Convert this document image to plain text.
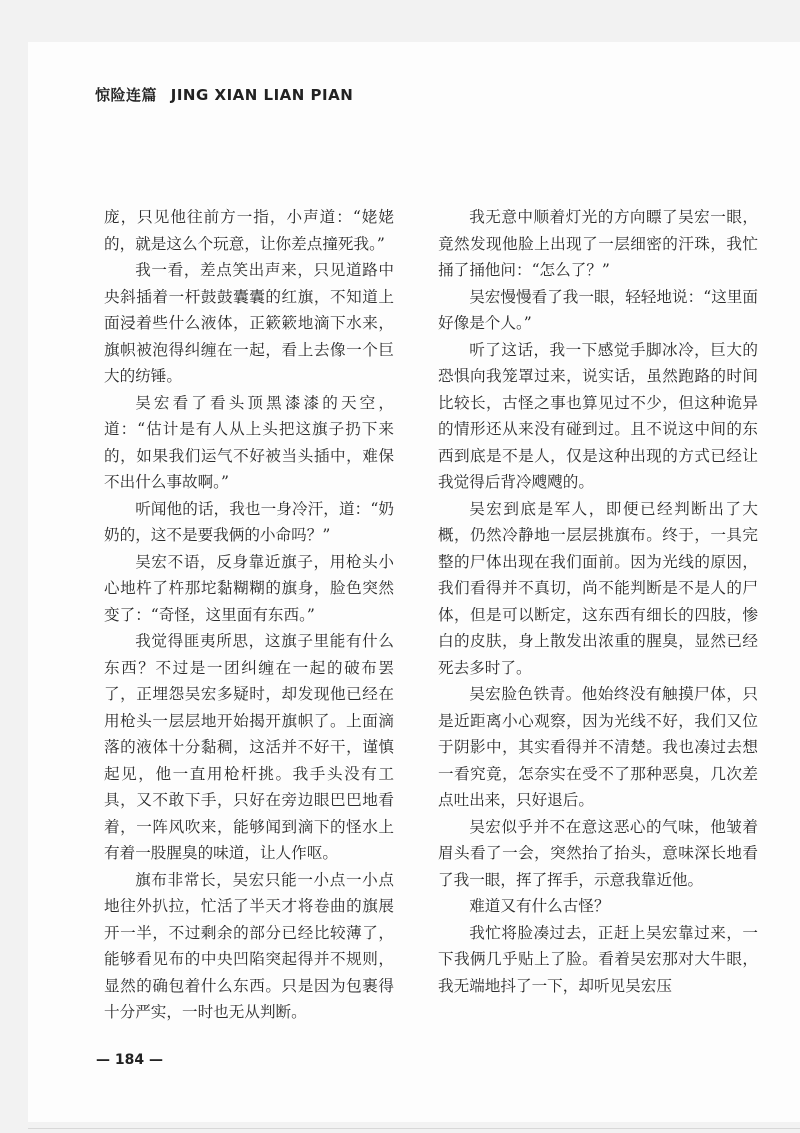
惊险连篇 JING XIAN LIAN PIAN

庞，只见他往前方一指，小声道：“姥姥的，就是这么个玩意，让你差点撞死我。”

我一看，差点笑出声来，只见道路中央斜插着一杆鼓鼓囊囊的红旗，不知道上面浸着些什么液体，正簌簌地滴下水来，旗帜被泡得纠缠在一起，看上去像一个巨大的纺锤。

吴宏看了看头顶黑漆漆的天空，道：“估计是有人从上头把这旗子扔下来的，如果我们运气不好被当头插中，难保不出什么事故啊。”

听闻他的话，我也一身冷汗，道：“奶奶的，这不是要我俩的小命吗？”

吴宏不语，反身靠近旗子，用枪头小心地杵了杵那坨黏糊糊的旗身，脸色突然变了：“奇怪，这里面有东西。”

我觉得匪夷所思，这旗子里能有什么东西？不过是一团纠缠在一起的破布罢了，正埋怨吴宏多疑时，却发现他已经在用枪头一层层地开始揭开旗帜了。上面滴落的液体十分黏稠，这活并不好干，谨慎起见，他一直用枪杆挑。我手头没有工具，又不敢下手，只好在旁边眼巴巴地看着，一阵风吹来，能够闻到滴下的怪水上有着一股腥臭的味道，让人作呕。

旗布非常长，吴宏只能一小点一小点地往外扒拉，忙活了半天才将卷曲的旗展开一半，不过剩余的部分已经比较薄了，能够看见布的中央凹陷突起得并不规则，显然的确包着什么东西。只是因为包裹得十分严实，一时也无从判断。

我无意中顺着灯光的方向瞟了吴宏一眼，竟然发现他脸上出现了一层细密的汗珠，我忙捅了捅他问：“怎么了？”

吴宏慢慢看了我一眼，轻轻地说：“这里面好像是个人。”

听了这话，我一下感觉手脚冰冷，巨大的恐惧向我笼罩过来，说实话，虽然跑路的时间比较长，古怪之事也算见过不少，但这种诡异的情形还从来没有碰到过。且不说这中间的东西到底是不是人，仅是这种出现的方式已经让我觉得后背冷飕飕的。

吴宏到底是军人，即便已经判断出了大概，仍然冷静地一层层挑旗布。终于，一具完整的尸体出现在我们面前。因为光线的原因，我们看得并不真切，尚不能判断是不是人的尸体，但是可以断定，这东西有细长的四肢，惨白的皮肤，身上散发出浓重的腥臭，显然已经死去多时了。

吴宏脸色铁青。他始终没有触摸尸体，只是近距离小心观察，因为光线不好，我们又位于阴影中，其实看得并不清楚。我也凑过去想一看究竟，怎奈实在受不了那种恶臭，几次差点吐出来，只好退后。

吴宏似乎并不在意这恶心的气味，他皱着眉头看了一会，突然抬了抬头，意味深长地看了我一眼，挥了挥手，示意我靠近他。

难道又有什么古怪？

我忙将脸凑过去，正赶上吴宏靠过来，一下我俩几乎贴上了脸。看着吴宏那对大牛眼，我无端地抖了一下，却听见吴宏压

— 184 —
